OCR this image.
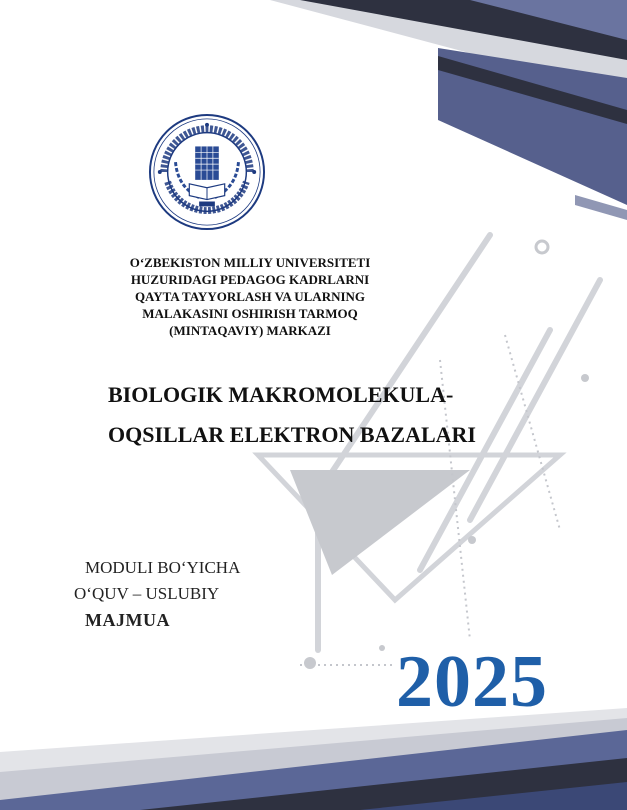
O‘ZBEKISTON MILLIY UNIVERSITETI
HUZURIDAGI PEDAGOG KADRLARNI
QAYTA TAYYORLASH VA ULARNING
MALAKASINI OSHIRISH TARMOQ
(MINTAQAVIY) MARKAZI
BIOLOGIK MAKROMOLEKULA-
OQSILLAR ELEKTRON BAZALARI
MODULI BO‘YICHA
O‘QUV – USLUBIY
MAJMUA
2025
